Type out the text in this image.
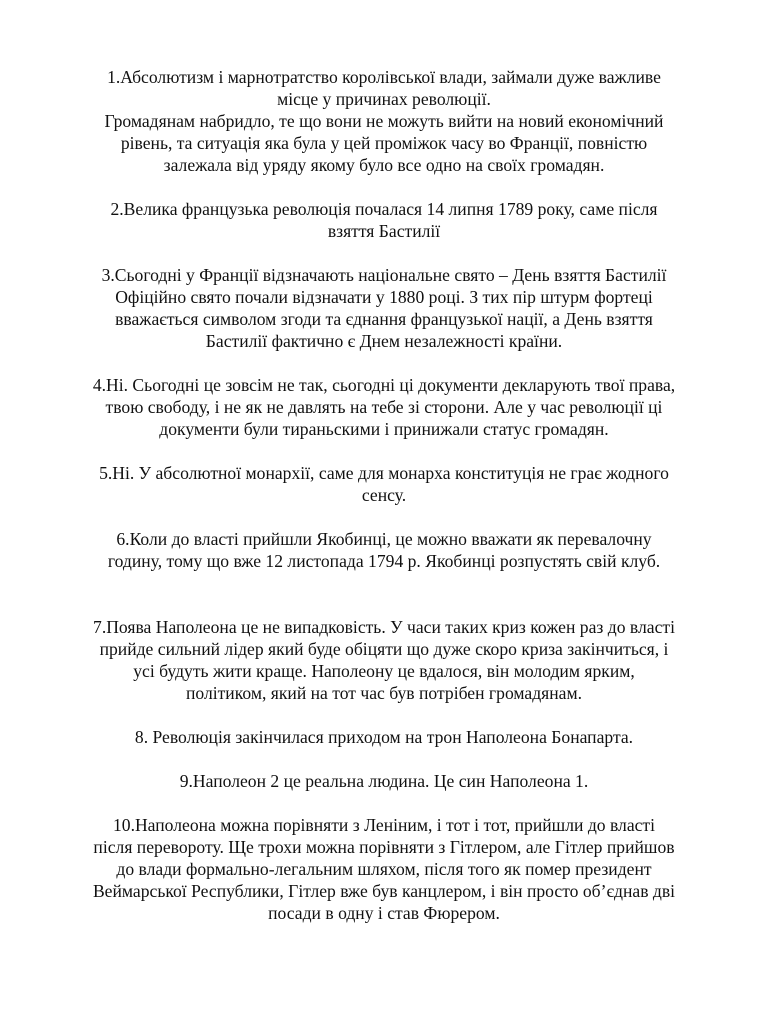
1.Абсолютизм і марнотратство королівської влади, займали дуже важливе
місце у причинах революції.
Громадянам набридло, те що вони не можуть вийти на новий економічний
рівень, та ситуація яка була у цей проміжок часу во Франції, повністю
залежала від уряду якому було все одно на своїх громадян.
2.Велика французька революція почалася 14 липня 1789 року, саме після
взяття Бастилії
3.Сьогодні у Франції відзначають національне свято – День взяття Бастилії
Офіційно свято почали відзначати у 1880 році. З тих пір штурм фортеці
вважається символом згоди та єднання французької нації, а День взяття
Бастилії фактично є Днем незалежності країни.
4.Ні. Сьогодні це зовсім не так, сьогодні ці документи декларують твої права,
твою свободу, і не як не давлять на тебе зі сторони. Але у час революції ці
документи були тираньскими і принижали статус громадян.
5.Ні. У абсолютної монархії, саме для монарха конституція не грає жодного
сенсу.
6.Коли до власті прийшли Якобинці, це можно вважати як перевалочну
годину, тому що вже 12 листопада 1794 р. Якобинці розпустять свій клуб.
7.Поява Наполеона це не випадковість. У часи таких криз кожен раз до власті
прийде сильний лідер який буде обіцяти що дуже скоро криза закінчиться, і
усі будуть жити краще. Наполеону це вдалося, він молодим ярким,
політиком, який на тот час був потрібен громадянам.
8. Революція закінчилася приходом на трон Наполеона Бонапарта.
9.Наполеон 2 це реальна людина. Це син Наполеона 1.
10.Наполеона можна порівняти з Леніним, і тот і тот, прийшли до власті
після перевороту. Ще трохи можна порівняти з Гітлером, але Гітлер прийшов
до влади формально-легальним шляхом, після того як помер президент
Веймарської Республики, Гітлер вже був канцлером, і він просто об’єднав дві
посади в одну і став Фюрером.
